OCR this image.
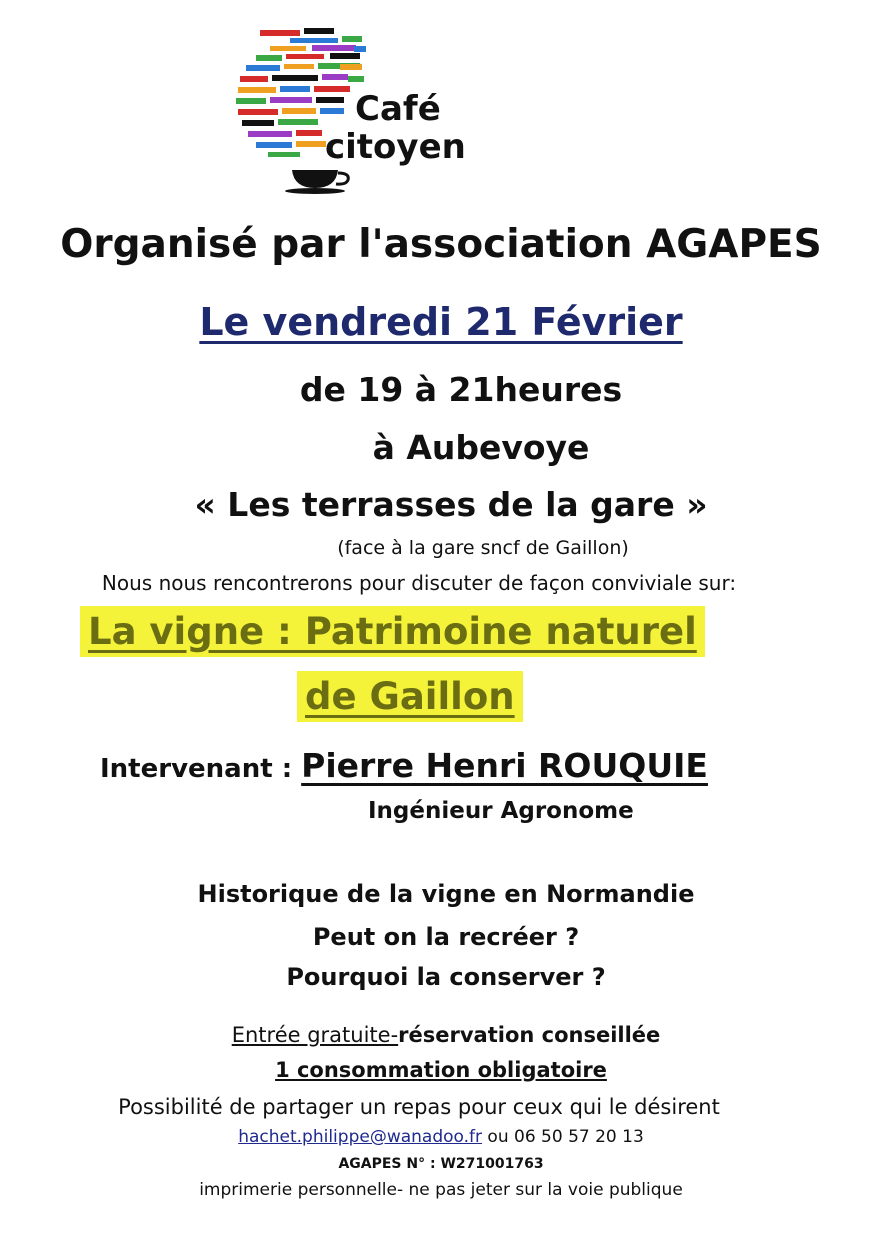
Café
citoyen
Organisé par l'association AGAPES
Le vendredi 21 Février
de 19 à 21heures
à Aubevoye
« Les terrasses de la gare »
(face à la gare sncf de Gaillon)
Nous nous rencontrerons pour discuter de façon conviviale sur:
La vigne : Patrimoine naturel
de Gaillon
Intervenant : Pierre Henri ROUQUIE
Ingénieur Agronome
Historique de la vigne en Normandie
Peut on la recréer ?
Pourquoi la conserver ?
Entrée gratuite-réservation conseillée
1 consommation obligatoire
Possibilité de partager un repas pour ceux qui le désirent
hachet.philippe@wanadoo.fr ou 06 50 57 20 13
AGAPES N° : W271001763
imprimerie personnelle- ne pas jeter sur la voie publique
